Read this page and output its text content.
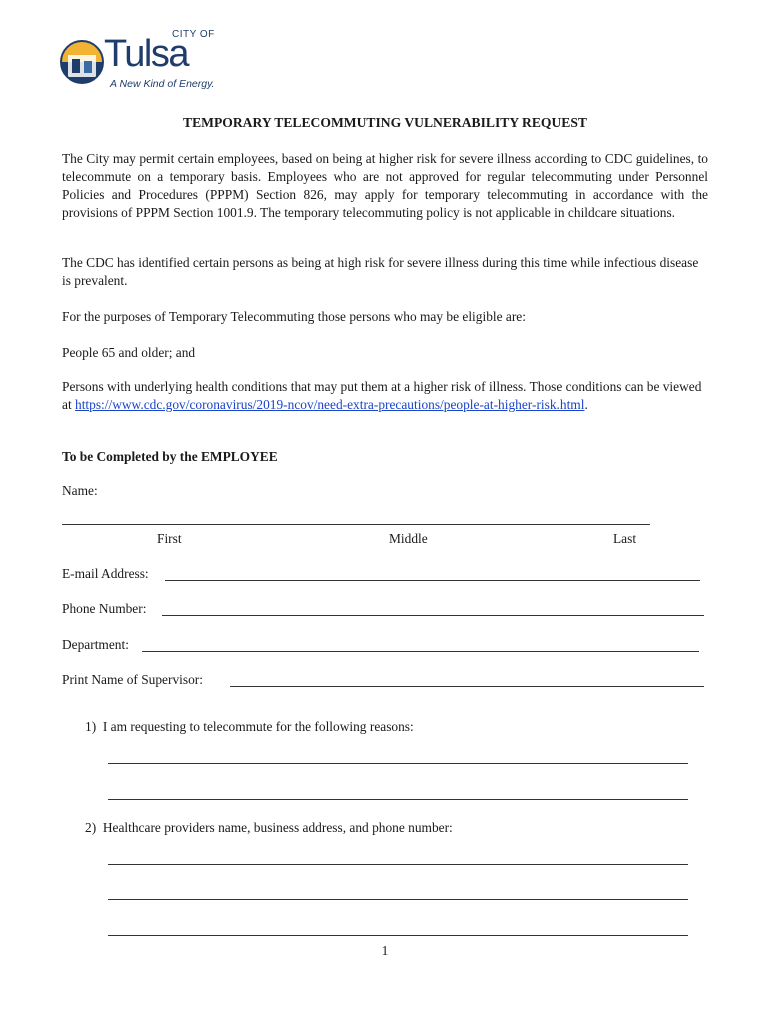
CITY OF
Tulsa
A New Kind of Energy.
TEMPORARY TELECOMMUTING VULNERABILITY REQUEST
The City may permit certain employees, based on being at higher risk for severe illness according to CDC guidelines, to telecommute on a temporary basis. Employees who are not approved for regular telecommuting under Personnel Policies and Procedures (PPPM) Section 826, may apply for temporary telecommuting in accordance with the provisions of PPPM Section 1001.9. The temporary telecommuting policy is not applicable in childcare situations.
The CDC has identified certain persons as being at high risk for severe illness during this time while infectious disease is prevalent.
For the purposes of Temporary Telecommuting those persons who may be eligible are:
People 65 and older; and
Persons with underlying health conditions that may put them at a higher risk of illness. Those conditions can be viewed at https://www.cdc.gov/coronavirus/2019-ncov/need-extra-precautions/people-at-higher-risk.html.
To be Completed by the EMPLOYEE
Name:
First	Middle	Last
E-mail Address:
Phone Number:
Department:
Print Name of Supervisor:
1) I am requesting to telecommute for the following reasons:
2) Healthcare providers name, business address, and phone number:
1
